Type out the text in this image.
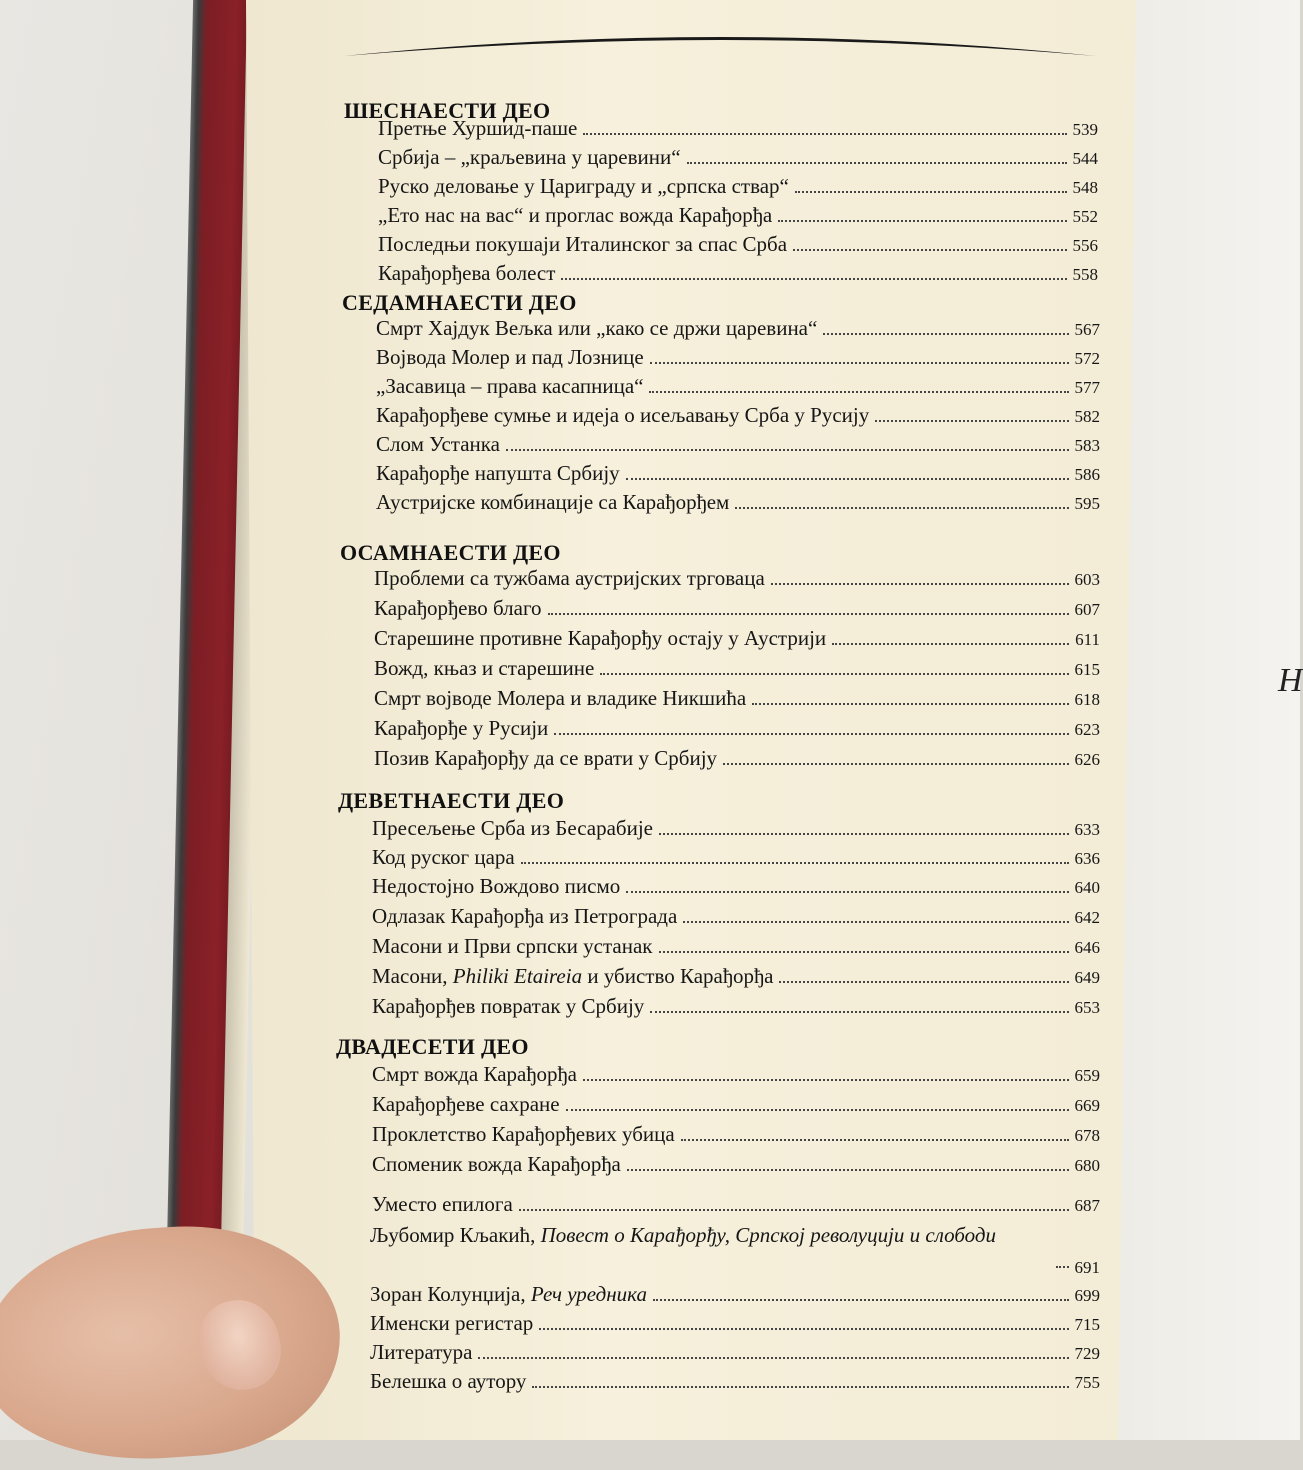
Н
ШЕСНАЕСТИ ДЕО
Претње Хуршид-паше	539
Србија – „краљевина у царевини“	544
Руско деловање у Цариграду и „српска ствар“	548
„Ето нас на вас“ и проглас вожда Карађорђа	552
Последњи покушаји Италинског за спас Срба	556
Карађорђева болест	558
СЕДАМНАЕСТИ ДЕО
Смрт Хајдук Вељка или „како се држи царевина“	567
Војвода Молер и пад Лознице	572
„Засавица – права касапница“	577
Карађорђеве сумње и идеја о исељавању Срба у Русију	582
Слом Устанка	583
Карађорђе напушта Србију	586
Аустријске комбинације са Карађорђем	595
ОСАМНАЕСТИ ДЕО
Проблеми са тужбама аустријских трговаца	603
Карађорђево благо	607
Старешине противне Карађорђу остају у Аустрији	611
Вожд, књаз и старешине	615
Смрт војводе Молера и владике Никшића	618
Карађорђе у Русији	623
Позив Карађорђу да се врати у Србију	626
ДЕВЕТНАЕСТИ ДЕО
Пресељење Срба из Бесарабије	633
Код руског цара	636
Недостојно Вождово писмо	640
Одлазак Карађорђа из Петрограда	642
Масони и Први српски устанак	646
Масони, Philiki Etaireia и убиство Карађорђа	649
Карађорђев повратак у Србију	653
ДВАДЕСЕТИ ДЕО
Смрт вожда Карађорђа	659
Карађорђеве сахране	669
Проклетство Карађорђевих убица	678
Споменик вожда Карађорђа	680
Уместо епилога	687
Љубомир Кљакић, Повест о Карађорђу, Српској револуцији и слободи
691
Зоран Колунџија, Реч уредника	699
Именски регистар	715
Литература	729
Белешка о аутору	755
